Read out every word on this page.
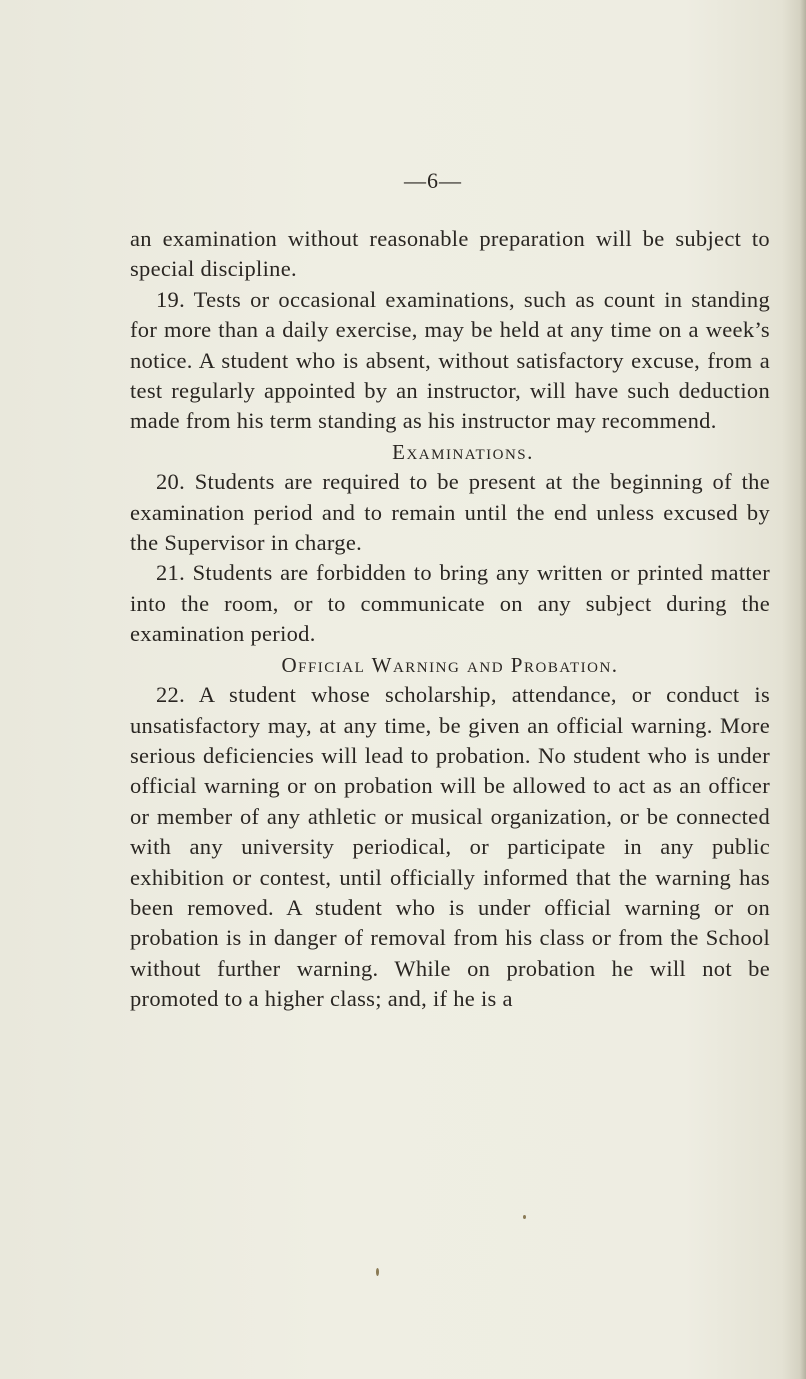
—6—

an examination without reasonable preparation will be subject to special discipline.

19. Tests or occasional examinations, such as count in standing for more than a daily exercise, may be held at any time on a week’s notice. A student who is absent, without satisfactory excuse, from a test regularly appointed by an instructor, will have such deduction made from his term standing as his instructor may recommend.

Examinations.

20. Students are required to be present at the beginning of the examination period and to remain until the end unless excused by the Supervisor in charge.

21. Students are forbidden to bring any written or printed matter into the room, or to communicate on any subject during the examination period.

Official Warning and Probation.

22. A student whose scholarship, attendance, or conduct is unsatisfactory may, at any time, be given an official warning. More serious deficiencies will lead to probation. No student who is under official warning or on probation will be allowed to act as an officer or member of any athletic or musical organization, or be connected with any university periodical, or participate in any public exhibition or contest, until officially informed that the warning has been removed. A student who is under official warning or on probation is in danger of removal from his class or from the School without further warning. While on probation he will not be promoted to a higher class; and, if he is a
